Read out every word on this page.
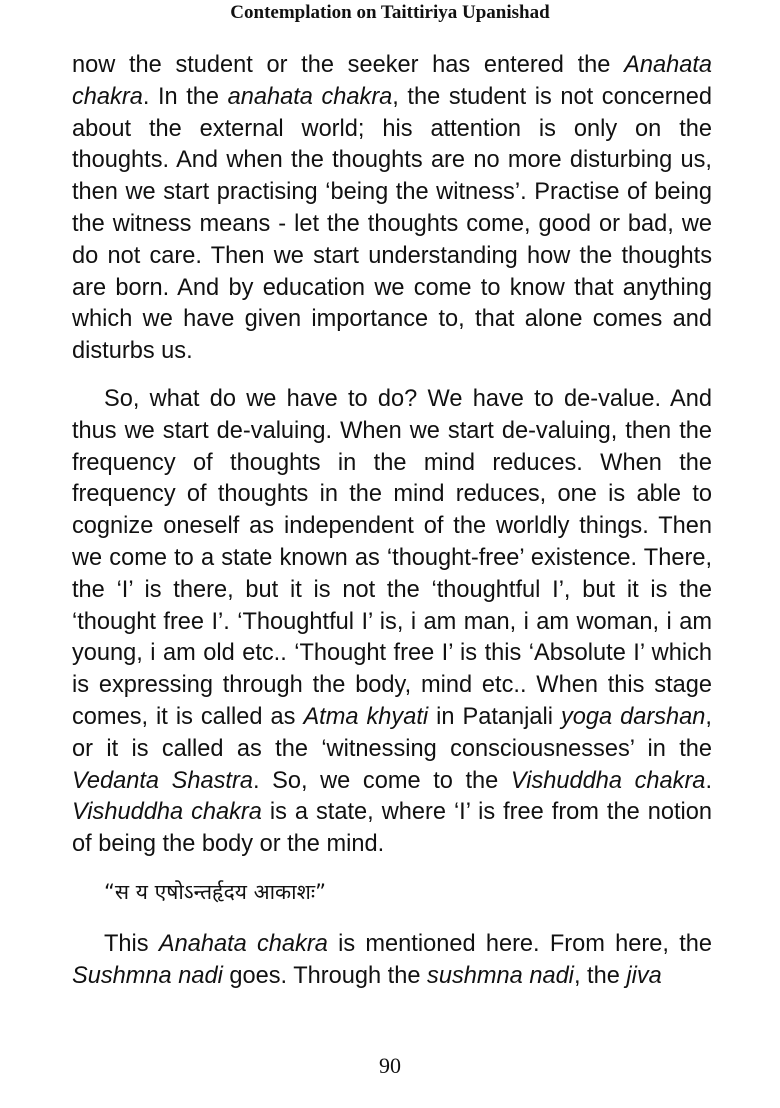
Contemplation on Taittiriya Upanishad

now the student or the seeker has entered the Anahata chakra. In the anahata chakra, the student is not concerned about the external world; his attention is only on the thoughts. And when the thoughts are no more disturbing us, then we start practising ‘being the witness’. Practise of being the witness means - let the thoughts come, good or bad, we do not care. Then we start understanding how the thoughts are born. And by education we come to know that anything which we have given importance to, that alone comes and disturbs us.

So, what do we have to do? We have to de-value. And thus we start de-valuing. When we start de-valuing, then the frequency of thoughts in the mind reduces. When the frequency of thoughts in the mind reduces, one is able to cognize oneself as independent of the worldly things. Then we come to a state known as ‘thought-free’ existence. There, the ‘I’ is there, but it is not the ‘thoughtful I’, but it is the ‘thought free I’. ‘Thoughtful I’ is, i am man, i am woman, i am young, i am old etc.. ‘Thought free I’ is this ‘Absolute I’ which is expressing through the body, mind etc.. When this stage comes, it is called as Atma khyati in Patanjali yoga darshan, or it is called as the ‘witnessing consciousnesses’ in the Vedanta Shastra. So, we come to the Vishuddha chakra. Vishuddha chakra is a state, where ‘I’ is free from the notion of being the body or the mind.

“स य एषोऽन्तर्हृदय आकाशः”

This Anahata chakra is mentioned here. From here, the Sushmna nadi goes. Through the sushmna nadi, the jiva

90
